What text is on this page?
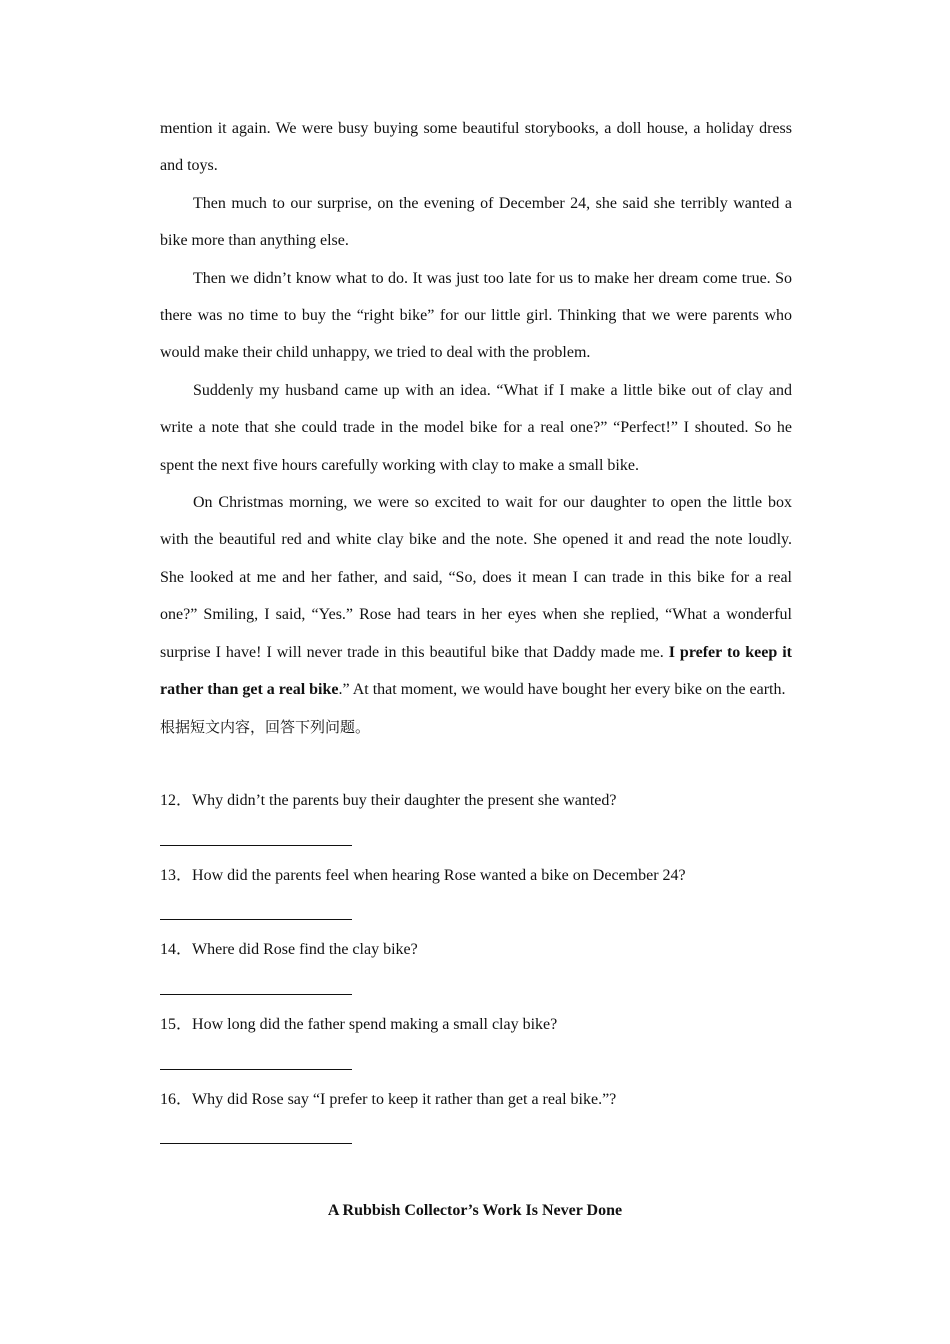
mention it again. We were busy buying some beautiful storybooks, a doll house, a holiday dress and toys.

Then much to our surprise, on the evening of December 24, she said she terribly wanted a bike more than anything else.

Then we didn’t know what to do. It was just too late for us to make her dream come true. So there was no time to buy the “right bike” for our little girl. Thinking that we were parents who would make their child unhappy, we tried to deal with the problem.

Suddenly my husband came up with an idea. “What if I make a little bike out of clay and write a note that she could trade in the model bike for a real one?” “Perfect!” I shouted. So he spent the next five hours carefully working with clay to make a small bike.

On Christmas morning, we were so excited to wait for our daughter to open the little box with the beautiful red and white clay bike and the note. She opened it and read the note loudly. She looked at me and her father, and said, “So, does it mean I can trade in this bike for a real one?” Smiling, I said, “Yes.” Rose had tears in her eyes when she replied, “What a wonderful surprise I have! I will never trade in this beautiful bike that Daddy made me. I prefer to keep it rather than get a real bike.” At that moment, we would have bought her every bike on the earth.

根据短文内容，回答下列问题。

12．Why didn’t the parents buy their daughter the present she wanted?
13．How did the parents feel when hearing Rose wanted a bike on December 24?
14．Where did Rose find the clay bike?
15．How long did the father spend making a small clay bike?
16．Why did Rose say “I prefer to keep it rather than get a real bike.”?
A Rubbish Collector’s Work Is Never Done
